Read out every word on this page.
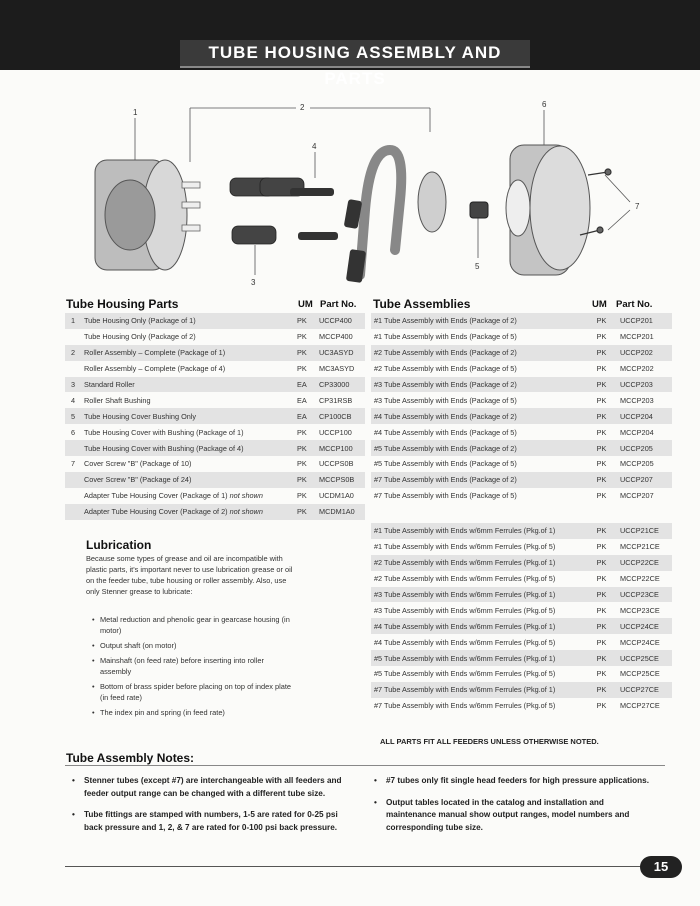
TUBE HOUSING ASSEMBLY AND PARTS
1
2
3
4
5
6
7
Tube Housing Parts	UM Part No.
1	Tube Housing Only (Package of 1)	PK	UCCP400
	Tube Housing Only (Package of 2)	PK	MCCP400
2	Roller Assembly – Complete (Package of 1)	PK	UC3ASYD
	Roller Assembly – Complete (Package of 4)	PK	MC3ASYD
3	Standard Roller	EA	CP33000
4	Roller Shaft Bushing	EA	CP31RSB
5	Tube Housing Cover Bushing Only	EA	CP100CB
6	Tube Housing Cover with Bushing (Package of 1)	PK	UCCP100
	Tube Housing Cover with Bushing (Package of 4)	PK	MCCP100
7	Cover Screw "B" (Package of 10)	PK	UCCPS0B
	Cover Screw "B" (Package of 24)	PK	MCCPS0B
	Adapter Tube Housing Cover (Package of 1) not shown	PK	UCDM1A0
	Adapter Tube Housing Cover (Package of 2) not shown	PK	MCDM1A0
Tube Assemblies	UM Part No.
#1 Tube Assembly with Ends (Package of 2)	PK	UCCP201
#1 Tube Assembly with Ends (Package of 5)	PK	MCCP201
#2 Tube Assembly with Ends (Package of 2)	PK	UCCP202
#2 Tube Assembly with Ends (Package of 5)	PK	MCCP202
#3 Tube Assembly with Ends (Package of 2)	PK	UCCP203
#3 Tube Assembly with Ends (Package of 5)	PK	MCCP203
#4 Tube Assembly with Ends (Package of 2)	PK	UCCP204
#4 Tube Assembly with Ends (Package of 5)	PK	MCCP204
#5 Tube Assembly with Ends (Package of 2)	PK	UCCP205
#5 Tube Assembly with Ends (Package of 5)	PK	MCCP205
#7 Tube Assembly with Ends (Package of 2)	PK	UCCP207
#7 Tube Assembly with Ends (Package of 5)	PK	MCCP207
#1 Tube Assembly with Ends w/6mm Ferrules (Pkg.of 1)	PK	UCCP21CE
#1 Tube Assembly with Ends w/6mm Ferrules (Pkg.of 5)	PK	MCCP21CE
#2 Tube Assembly with Ends w/6mm Ferrules (Pkg.of 1)	PK	UCCP22CE
#2 Tube Assembly with Ends w/6mm Ferrules (Pkg.of 5)	PK	MCCP22CE
#3 Tube Assembly with Ends w/6mm Ferrules (Pkg.of 1)	PK	UCCP23CE
#3 Tube Assembly with Ends w/6mm Ferrules (Pkg.of 5)	PK	MCCP23CE
#4 Tube Assembly with Ends w/6mm Ferrules (Pkg.of 1)	PK	UCCP24CE
#4 Tube Assembly with Ends w/6mm Ferrules (Pkg.of 5)	PK	MCCP24CE
#5 Tube Assembly with Ends w/6mm Ferrules (Pkg.of 1)	PK	UCCP25CE
#5 Tube Assembly with Ends w/6mm Ferrules (Pkg.of 5)	PK	MCCP25CE
#7 Tube Assembly with Ends w/6mm Ferrules (Pkg.of 1)	PK	UCCP27CE
#7 Tube Assembly with Ends w/6mm Ferrules (Pkg.of 5)	PK	MCCP27CE
Lubrication
Because some types of grease and oil are incompatible with plastic parts, it's important never to use lubrication grease or oil on the feeder tube, tube housing or roller assembly. Also, use only Stenner grease to lubricate:
• Metal reduction and phenolic gear in gearcase housing (in motor)
• Output shaft (on motor)
• Mainshaft (on feed rate) before inserting into roller assembly
• Bottom of brass spider before placing on top of index plate (in feed rate)
• The index pin and spring (in feed rate)
ALL PARTS FIT ALL FEEDERS UNLESS OTHERWISE NOTED.
Tube Assembly Notes:
• Stenner tubes (except #7) are interchangeable with all feeders and feeder output range can be changed with a different tube size.
• Tube fittings are stamped with numbers, 1-5 are rated for 0-25 psi back pressure and 1, 2, & 7 are rated for 0-100 psi back pressure.
• #7 tubes only fit single head feeders for high pressure applications.
• Output tables located in the catalog and installation and maintenance manual show output ranges, model numbers and corresponding tube size.
15
